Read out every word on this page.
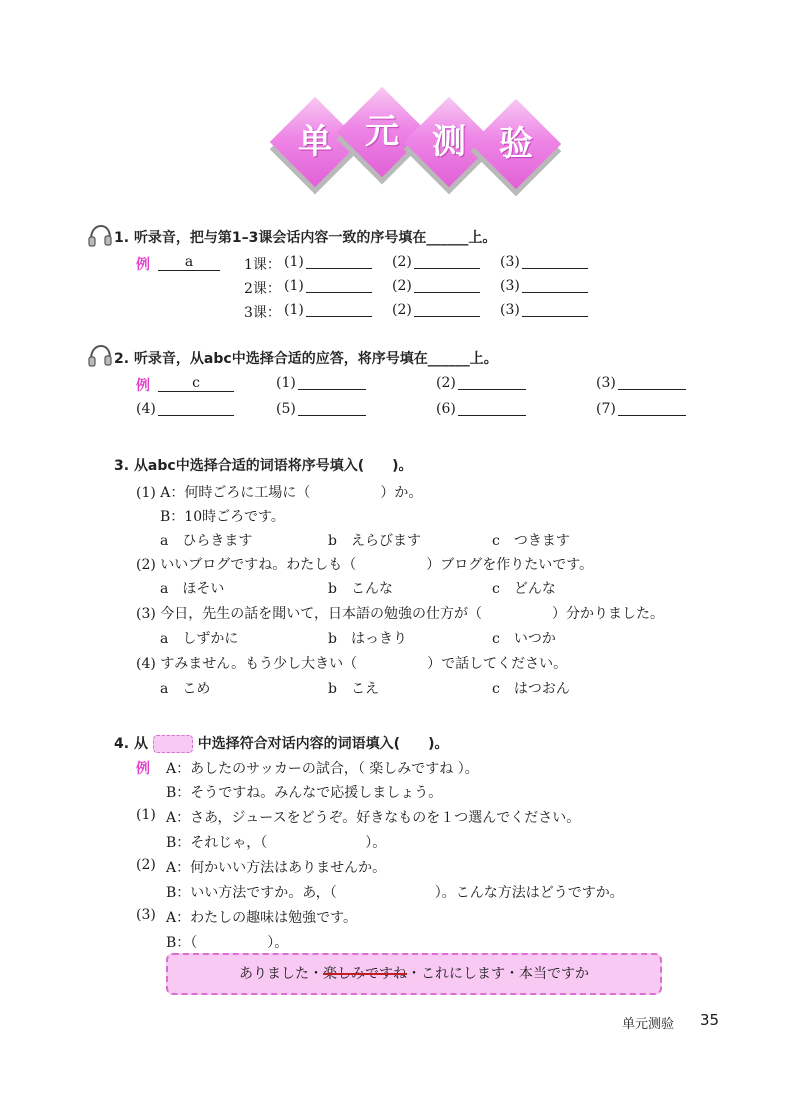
单 元 测 验
1. 听录音，把与第1–3课会话内容一致的序号填在______上。
例	a	1课： (1)	(2)	(3)
2课： (1)	(2)	(3)
3课： (1)	(2)	(3)
2. 听录音，从abc中选择合适的应答，将序号填在______上。
例	c	(1)	(2)	(3)
(4)	(5)	(6)	(7)
3. 从abc中选择合适的词语将序号填入(　　)。
(1) A：何時ごろに工場に（　　　　　）か。
B：10時ごろです。
a　ひらきます	b　えらびます	c　つきます
(2) いいブログですね。わたしも（　　　　　）ブログを作りたいです。
a　ほそい	b　こんな	c　どんな
(3) 今日，先生の話を聞いて，日本語の勉強の仕方が（　　　　　）分かりました。
a　しずかに	b　はっきり	c　いつか
(4) すみません。もう少し大きい（　　　　　）で話してください。
a　こめ	b　こえ	c　はつおん
4. 从	中选择符合对话内容的词语填入(　　)。
例 A：あしたのサッカーの試合，（ 楽しみですね ）。
B：そうですね。みんなで応援しましょう。
(1) A：さあ，ジュースをどうぞ。好きなものを１つ選んでください。
B：それじゃ，（　　　　　　　）。
(2) A：何かいい方法はありませんか。
B：いい方法ですか。あ，（　　　　　　　）。こんな方法はどうですか。
(3) A：わたしの趣味は勉強です。
B：（　　　　　）。
ありました・楽しみですね・これにします・本当ですか
单元测验 35
